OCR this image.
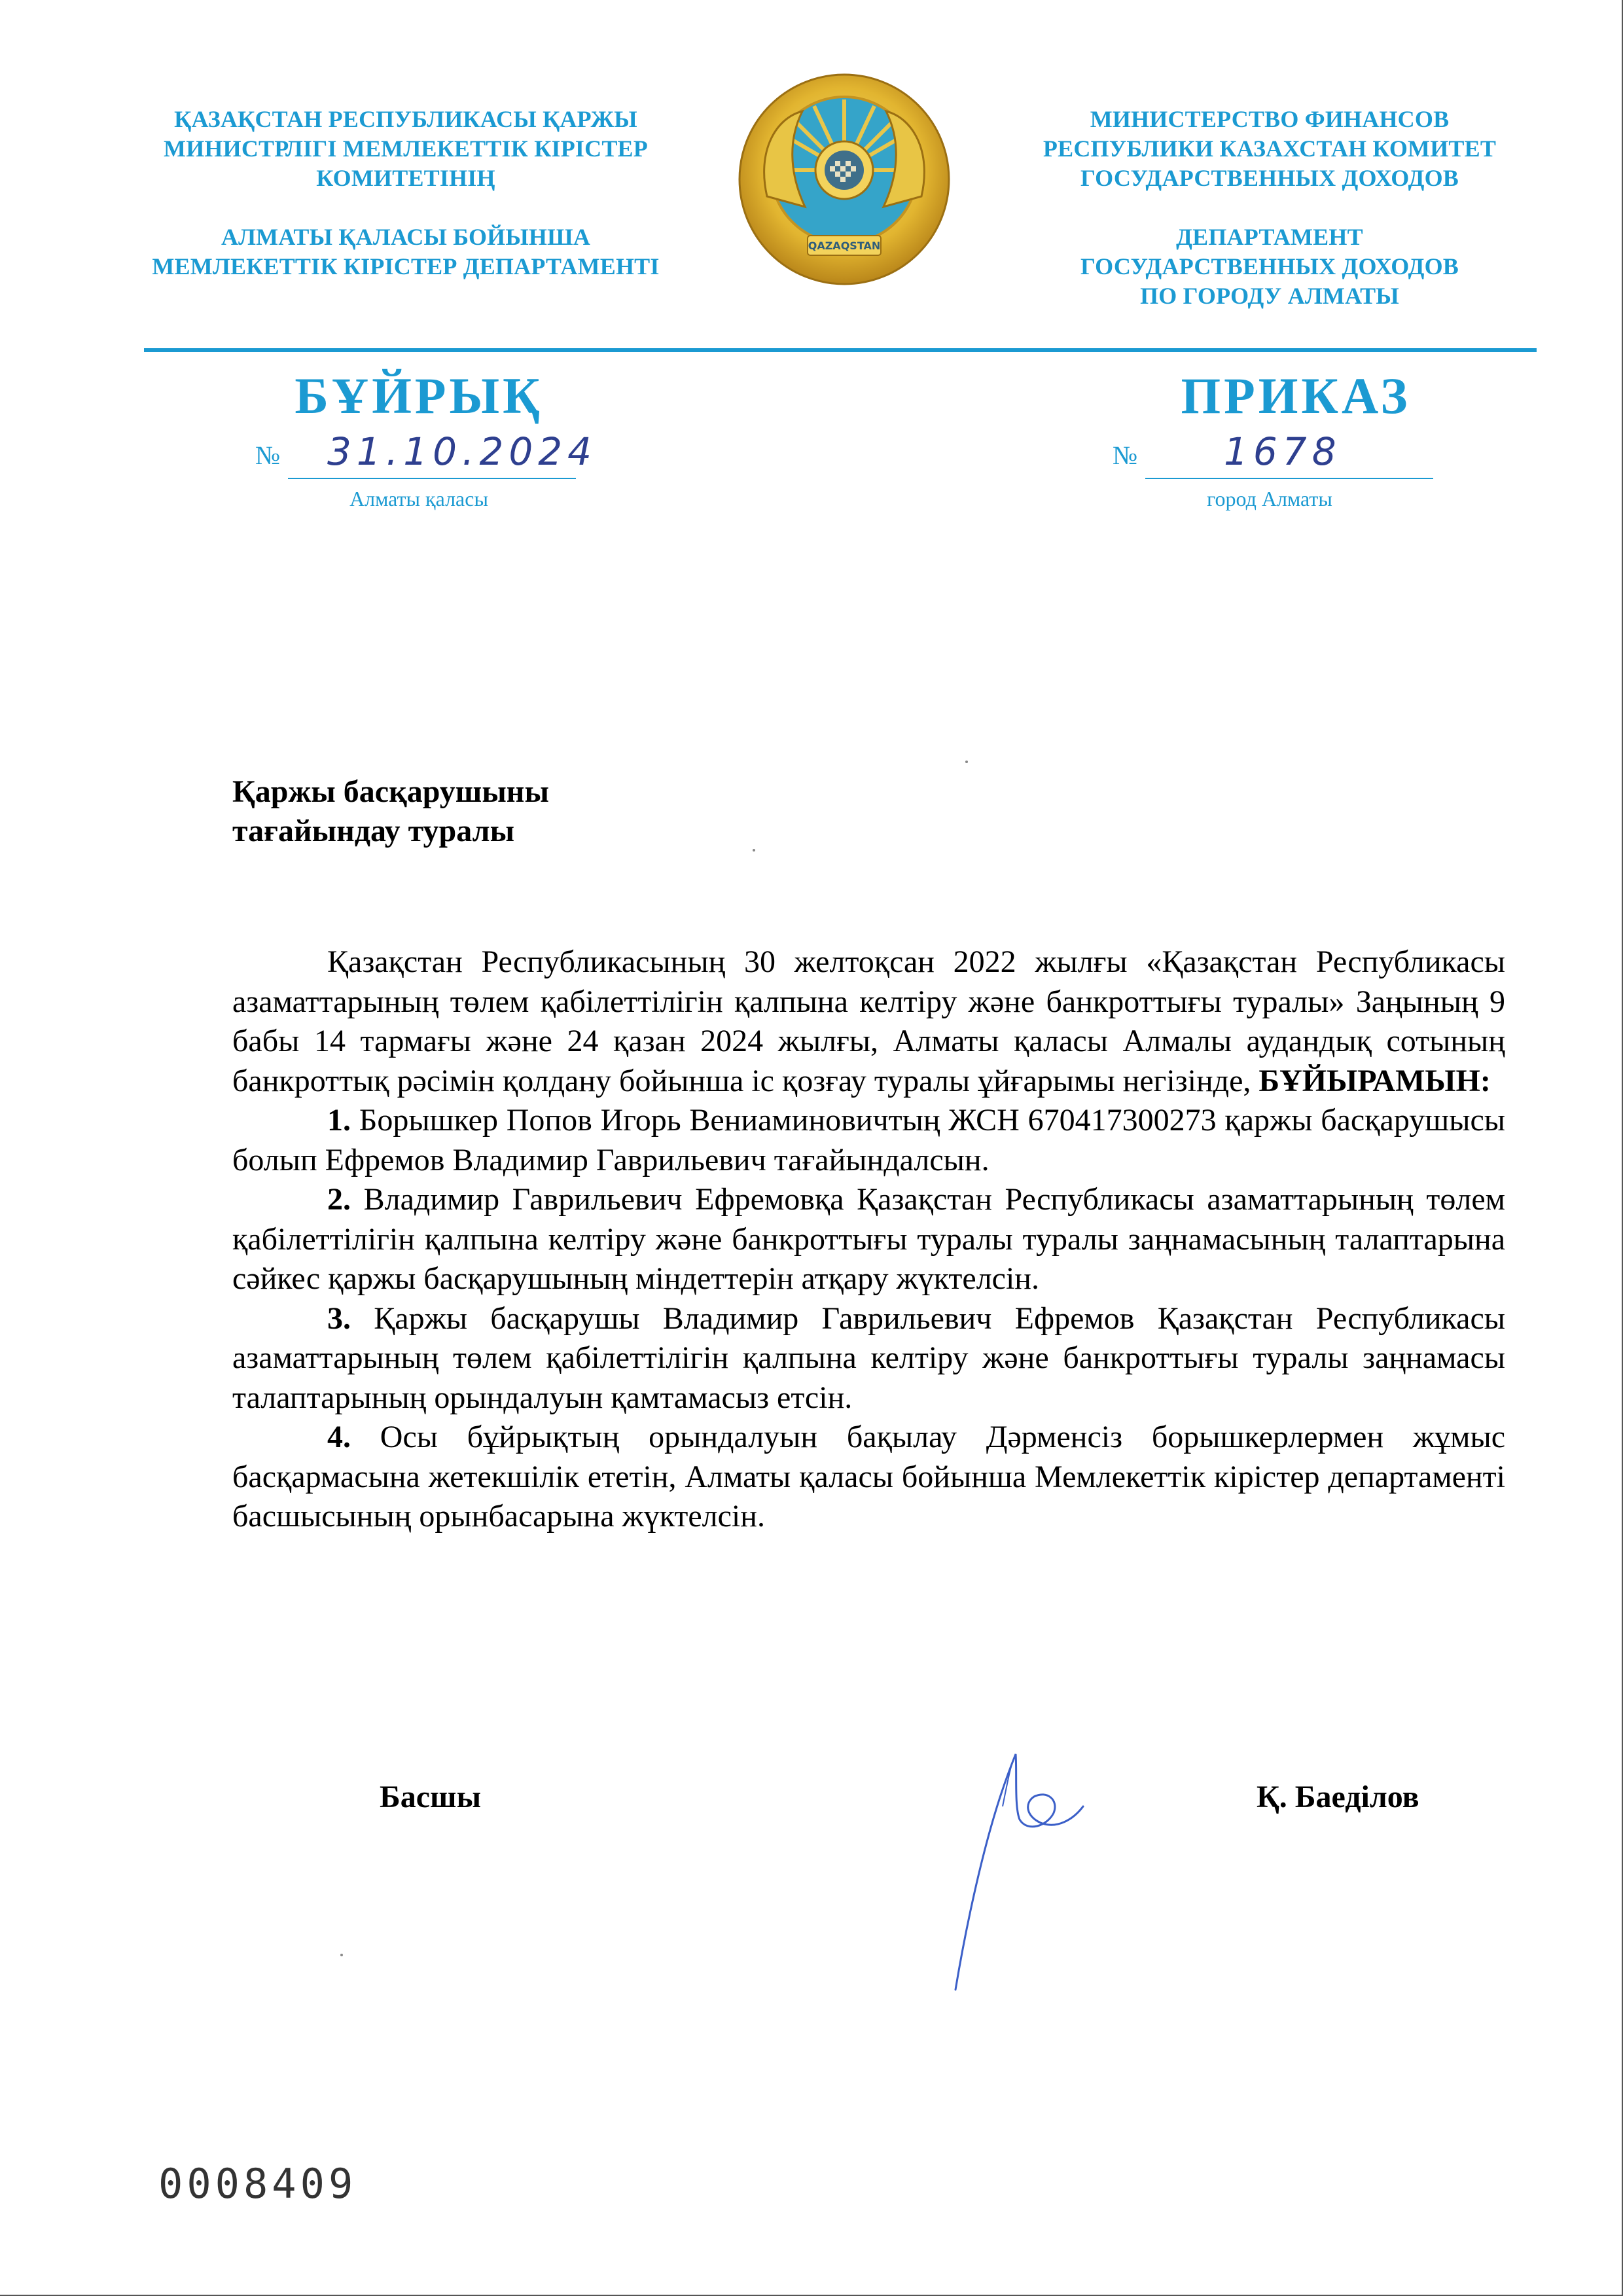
ҚАЗАҚСТАН РЕСПУБЛИКАСЫ ҚАРЖЫ
МИНИСТРЛІГІ МЕМЛЕКЕТТІК КІРІСТЕР
КОМИТЕТІНІҢ
АЛМАТЫ ҚАЛАСЫ БОЙЫНША
МЕМЛЕКЕТТІК КІРІСТЕР ДЕПАРТАМЕНТІ
QAZAQSTAN
МИНИСТЕРСТВО ФИНАНСОВ
РЕСПУБЛИКИ КАЗАХСТАН КОМИТЕТ
ГОСУДАРСТВЕННЫХ ДОХОДОВ
ДЕПАРТАМЕНТ
ГОСУДАРСТВЕННЫХ ДОХОДОВ
ПО ГОРОДУ АЛМАТЫ
БҰЙРЫҚ	ПРИКАЗ
№ 31.10.2024	№ 1678
Алматы қаласы	город Алматы
Қаржы басқарушыны
тағайындау туралы

Қазақстан Республикасының 30 желтоқсан 2022 жылғы «Қазақстан Республикасы азаматтарының төлем қабілеттілігін қалпына келтіру және банкроттығы туралы» Заңының 9 бабы 14 тармағы және 24 қазан 2024 жылғы, Алматы қаласы Алмалы аудандық сотының банкроттық рәсімін қолдану бойынша іс қозғау туралы ұйғарымы негізінде, БҰЙЫРАМЫН:

1. Борышкер Попов Игорь Вениаминовичтың ЖСН 670417300273 қаржы басқарушысы болып Ефремов Владимир Гаврильевич тағайындалсын.

2. Владимир Гаврильевич Ефремовқа Қазақстан Республикасы азаматтарының төлем қабілеттілігін қалпына келтіру және банкроттығы туралы туралы заңнамасының талаптарына сәйкес қаржы басқарушының міндеттерін атқару жүктелсін.

3. Қаржы басқарушы Владимир Гаврильевич Ефремов Қазақстан Республикасы азаматтарының төлем қабілеттілігін қалпына келтіру және банкроттығы туралы заңнамасы талаптарының орындалуын қамтамасыз етсін.

4. Осы бұйрықтың орындалуын бақылау Дәрменсіз борышкерлермен жұмыс басқармасына жетекшілік ететін, Алматы қаласы бойынша Мемлекеттік кірістер департаменті басшысының орынбасарына жүктелсін.

Басшы	Қ. Баеділов
0008409
